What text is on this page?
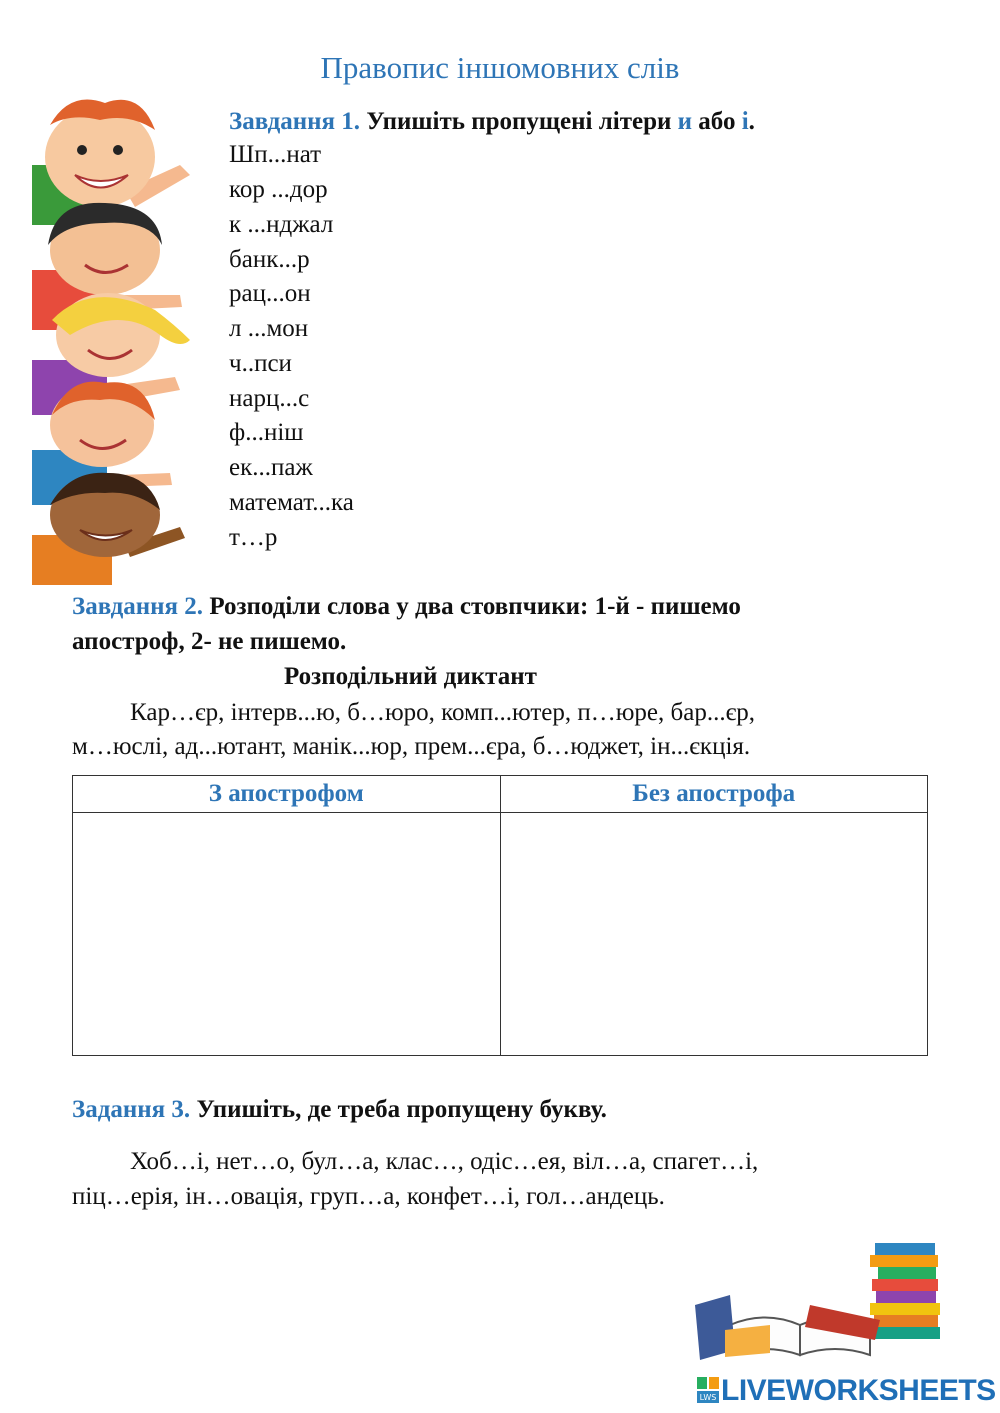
Правопис іншомовних слів
Завдання 1. Упишіть пропущені літери и або і.
Шп...нат
кор ...дор
к ...нджал
банк...р
рац...он
л ...мон
ч..пси
нарц...с
ф...ніш
ек...паж
математ...ка
т…р
Завдання 2. Розподіли слова у два стовпчики: 1-й - пишемо
апостроф, 2- не пишемо.
Розподільний диктант
Кар…єр, інтерв...ю, б…юро, комп...ютер, п…юре, бар...єр,
м…юслі, ад...ютант, манік...юр, прем...єра, б…юджет, ін...єкція.
З апострофом	Без апострофа

Задання 3. Упишіть, де треба пропущену букву.
Хоб…і, нет…о, бул…а, клас…, одіс…ея, віл…а, спагет…і,
піц…ерія, ін…овація, груп…а, конфет…і, гол…андець.
LWS LIVEWORKSHEETS
